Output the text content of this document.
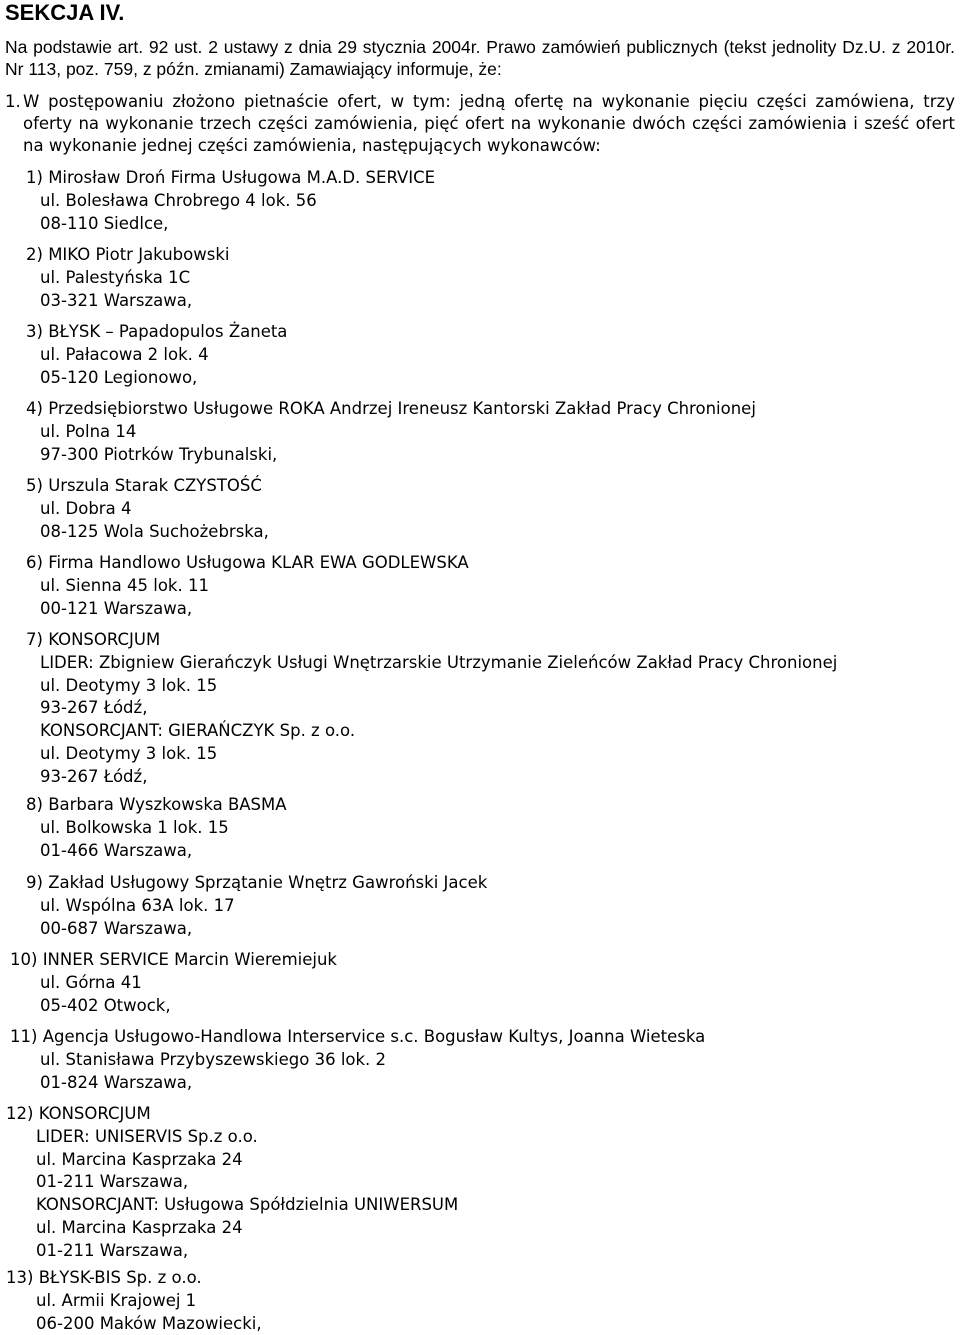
SEKCJA IV.

Na podstawie art. 92 ust. 2 ustawy z dnia 29 stycznia 2004r. Prawo zamówień publicznych (tekst jednolity Dz.U. z 2010r. Nr 113, poz. 759, z późn. zmianami) Zamawiający informuje, że:

1. W postępowaniu złożono pietnaście ofert, w tym: jedną ofertę na wykonanie pięciu części zamówiena, trzy oferty na wykonanie trzech części zamówienia, pięć ofert na wykonanie dwóch części zamówienia i sześć ofert na wykonanie jednej części zamówienia, następujących wykonawców:
1) Mirosław Droń Firma Usługowa M.A.D. SERVICE
ul. Bolesława Chrobrego 4 lok. 56
08-110 Siedlce,
2) MIKO Piotr Jakubowski
ul. Palestyńska 1C
03-321 Warszawa,
3) BŁYSK – Papadopulos Żaneta
ul. Pałacowa 2 lok. 4
05-120 Legionowo,
4) Przedsiębiorstwo Usługowe ROKA Andrzej Ireneusz Kantorski Zakład Pracy Chronionej
ul. Polna 14
97-300 Piotrków Trybunalski,
5) Urszula Starak CZYSTOŚĆ
ul. Dobra 4
08-125 Wola Suchożebrska,
6) Firma Handlowo Usługowa KLAR EWA GODLEWSKA
ul. Sienna 45 lok. 11
00-121 Warszawa,
7) KONSORCJUM
LIDER: Zbigniew Gierańczyk Usługi Wnętrzarskie Utrzymanie Zieleńców Zakład Pracy Chronionej
ul. Deotymy 3 lok. 15
93-267 Łódź,
KONSORCJANT: GIERAŃCZYK Sp. z o.o.
ul. Deotymy 3 lok. 15
93-267 Łódź,
8) Barbara Wyszkowska BASMA
ul. Bolkowska 1 lok. 15
01-466 Warszawa,
9) Zakład Usługowy Sprzątanie Wnętrz Gawroński Jacek
ul. Wspólna 63A lok. 17
00-687 Warszawa,
10) INNER SERVICE Marcin Wieremiejuk
ul. Górna 41
05-402 Otwock,
11) Agencja Usługowo-Handlowa Interservice s.c. Bogusław Kultys, Joanna Wieteska
ul. Stanisława Przybyszewskiego 36 lok. 2
01-824 Warszawa,
12) KONSORCJUM
LIDER: UNISERVIS Sp.z o.o.
ul. Marcina Kasprzaka 24
01-211 Warszawa,
KONSORCJANT: Usługowa Spółdzielnia UNIWERSUM
ul. Marcina Kasprzaka 24
01-211 Warszawa,
13) BŁYSK-BIS Sp. z o.o.
ul. Armii Krajowej 1
06-200 Maków Mazowiecki,
